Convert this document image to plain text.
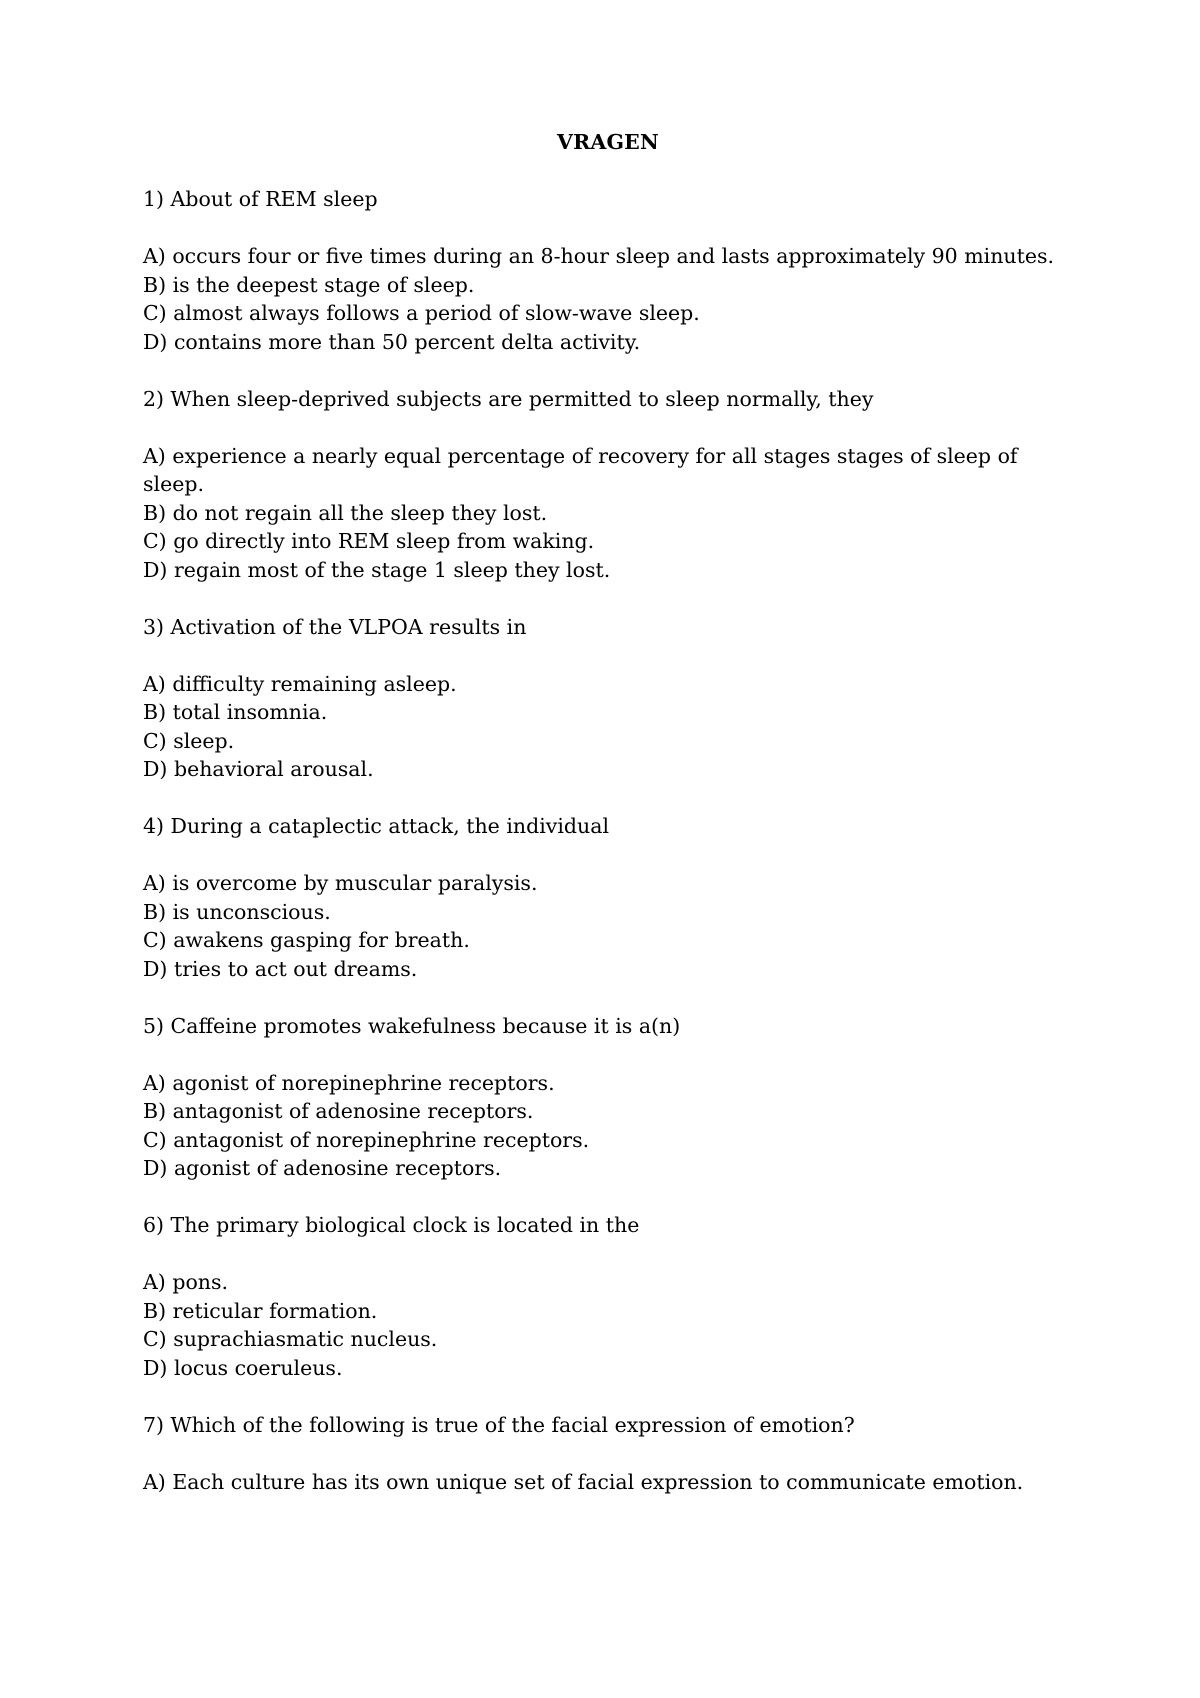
VRAGEN

1) About of REM sleep

A) occurs four or five times during an 8-hour sleep and lasts approximately 90 minutes.

B) is the deepest stage of sleep.

C) almost always follows a period of slow-wave sleep.

D) contains more than 50 percent delta activity.

2) When sleep-deprived subjects are permitted to sleep normally, they

A) experience a nearly equal percentage of recovery for all stages stages of sleep of sleep.

B) do not regain all the sleep they lost.

C) go directly into REM sleep from waking.

D) regain most of the stage 1 sleep they lost.

3) Activation of the VLPOA results in

A) difficulty remaining asleep.

B) total insomnia.

C) sleep.

D) behavioral arousal.

4) During a cataplectic attack, the individual

A) is overcome by muscular paralysis.

B) is unconscious.

C) awakens gasping for breath.

D) tries to act out dreams.

5) Caffeine promotes wakefulness because it is a(n)

A) agonist of norepinephrine receptors.

B) antagonist of adenosine receptors.

C) antagonist of norepinephrine receptors.

D) agonist of adenosine receptors.

6) The primary biological clock is located in the

A) pons.

B) reticular formation.

C) suprachiasmatic nucleus.

D) locus coeruleus.

7) Which of the following is true of the facial expression of emotion?

A) Each culture has its own unique set of facial expression to communicate emotion.
